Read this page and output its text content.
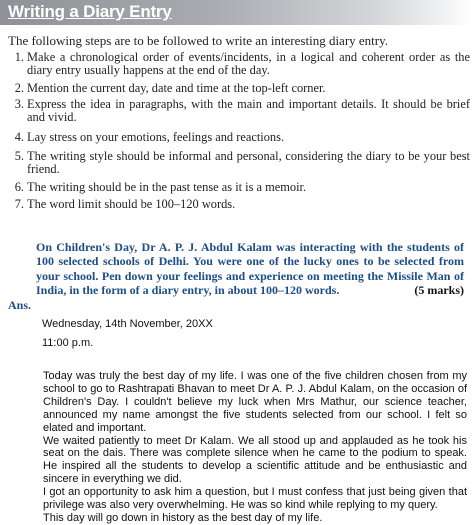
Writing a Diary Entry
The following steps are to be followed to write an interesting diary entry.
1. Make a chronological order of events/incidents, in a logical and coherent order as the diary entry usually happens at the end of the day.
2. Mention the current day, date and time at the top-left corner.
3. Express the idea in paragraphs, with the main and important details. It should be brief and vivid.
4. Lay stress on your emotions, feelings and reactions.
5. The writing style should be informal and personal, considering the diary to be your best friend.
6. The writing should be in the past tense as it is a memoir.
7. The word limit should be 100–120 words.
On Children's Day, Dr A. P. J. Abdul Kalam was interacting with the students of 100 selected schools of Delhi. You were one of the lucky ones to be selected from your school. Pen down your feelings and experience on meeting the Missile Man of India, in the form of a diary entry, in about 100–120 words.	(5 marks)
Ans.
Wednesday, 14th November, 20XX
11:00 p.m.

Today was truly the best day of my life. I was one of the five children chosen from my school to go to Rashtrapati Bhavan to meet Dr A. P. J. Abdul Kalam, on the occasion of Children's Day. I couldn't believe my luck when Mrs Mathur, our science teacher, announced my name amongst the five students selected from our school. I felt so elated and important.

We waited patiently to meet Dr Kalam. We all stood up and applauded as he took his seat on the dais. There was complete silence when he came to the podium to speak. He inspired all the students to develop a scientific attitude and be enthusiastic and sincere in everything we did.

I got an opportunity to ask him a question, but I must confess that just being given that privilege was also very overwhelming. He was so kind while replying to my query.

This day will go down in history as the best day of my life.
